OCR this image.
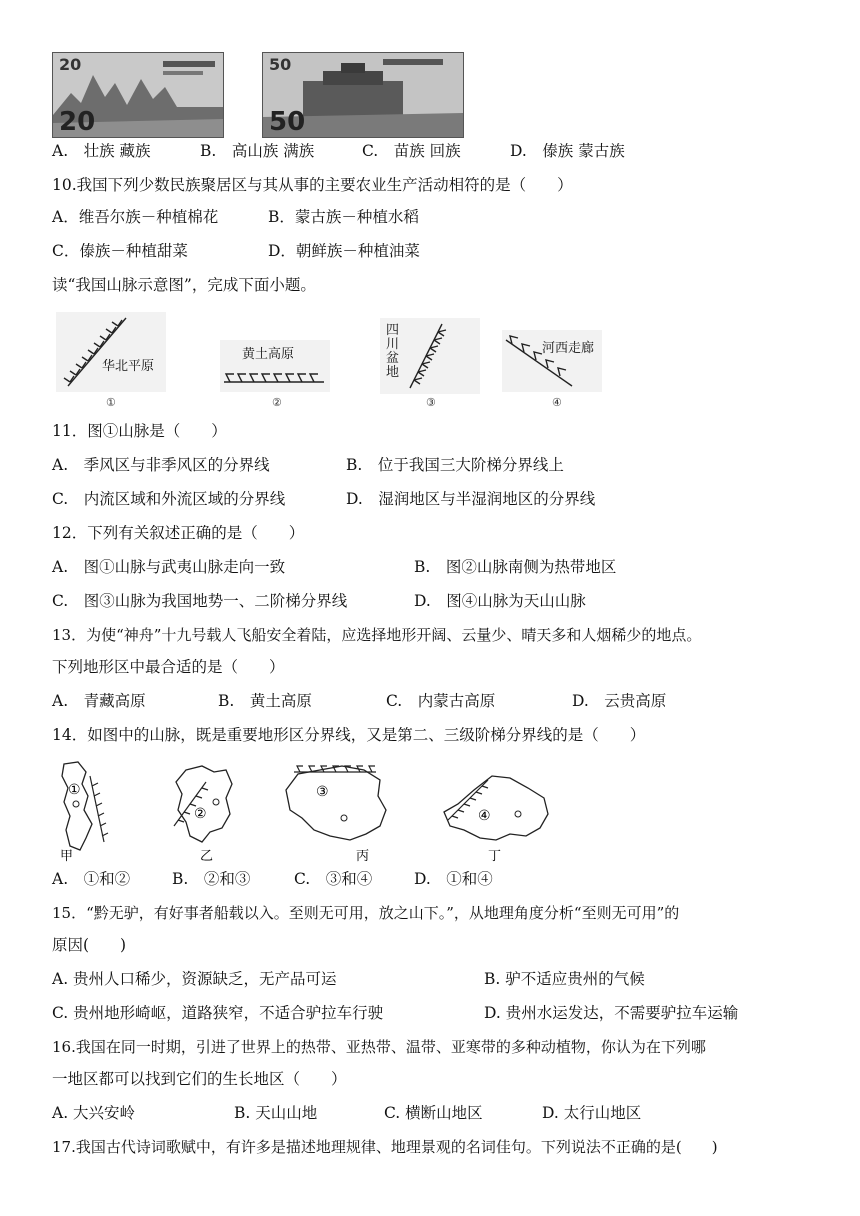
20
20
50
50
A.　壮族 藏族	B.　高山族 满族	C.　苗族 回族	D.　傣族 蒙古族
10.我国下列少数民族聚居区与其从事的主要农业生产活动相符的是（　　）
A．维吾尔族－种植棉花	B．蒙古族－种植水稻
C．傣族－种植甜菜	D．朝鲜族－种植油菜
读“我国山脉示意图”，完成下面小题。
华北平原
①
黄土高原
②
四川盆地
③
河西走廊
④
11．图①山脉是（　　）
A.　季风区与非季风区的分界线	B.　位于我国三大阶梯分界线上
C.　内流区域和外流区域的分界线	D.　湿润地区与半湿润地区的分界线
12．下列有关叙述正确的是（　　）
A.　图①山脉与武夷山脉走向一致	B.　图②山脉南侧为热带地区
C.　图③山脉为我国地势一、二阶梯分界线	D.　图④山脉为天山山脉
13．为使“神舟”十九号载人飞船安全着陆，应选择地形开阔、云量少、晴天多和人烟稀少的地点。
下列地形区中最合适的是（　　）
A.　青藏高原	B.　黄土高原	C.　内蒙古高原	D.　云贵高原
14．如图中的山脉，既是重要地形区分界线，又是第二、三级阶梯分界线的是（　　）
①
甲
②
乙
③
丙
④
丁
A.　①和②	B.　②和③	C.　③和④	D.　①和④
15．“黔无驴，有好事者船载以入。至则无可用，放之山下。”，从地理角度分析“至则无可用”的
原因(　　)
A. 贵州人口稀少，资源缺乏，无产品可运	B. 驴不适应贵州的气候
C. 贵州地形崎岖，道路狭窄，不适合驴拉车行驶	D. 贵州水运发达，不需要驴拉车运输
16.我国在同一时期，引进了世界上的热带、亚热带、温带、亚寒带的多种动植物，你认为在下列哪
一地区都可以找到它们的生长地区（　　）
A. 大兴安岭	B. 天山山地	C. 横断山地区	D. 太行山地区
17.我国古代诗词歌赋中，有许多是描述地理规律、地理景观的名词佳句。下列说法不正确的是(　　)
